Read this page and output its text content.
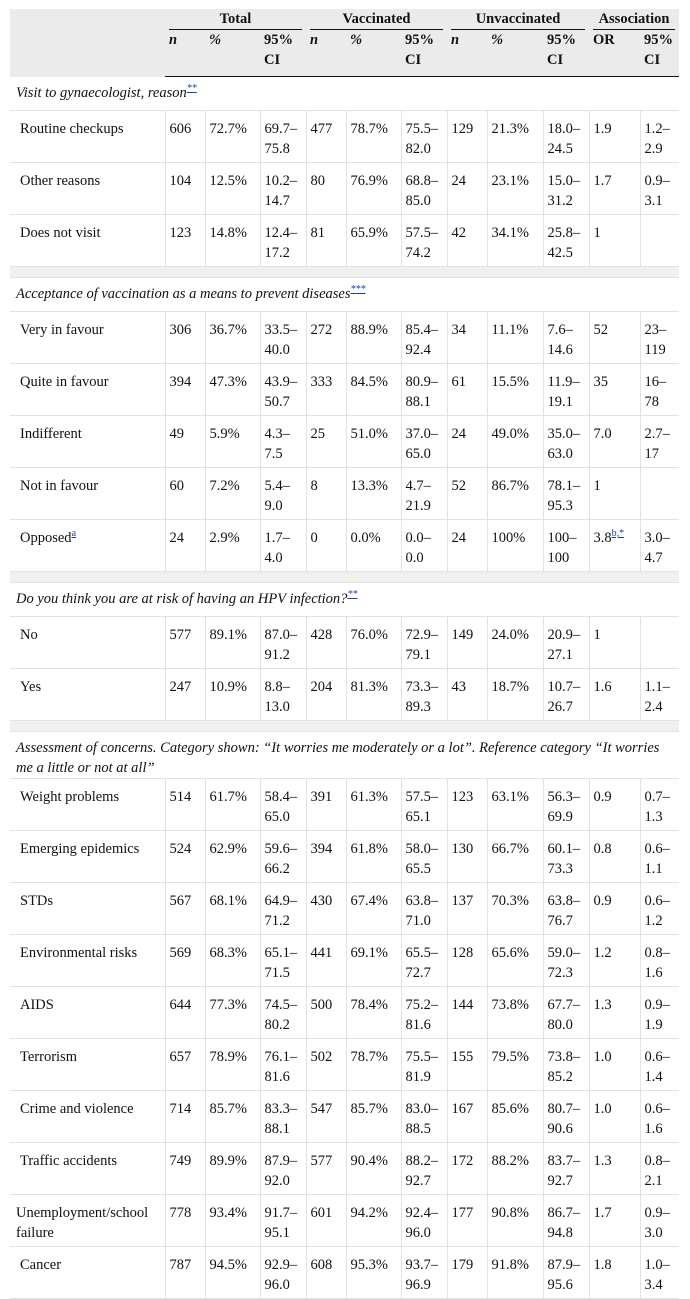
	Total			Vaccinated			Unvaccinated			Association	

	n	%	95% CI	n	%	95% CI	n	%	95% CI	OR	95% CI
Visit to gynaecologist, reason**
Routine checkups	606	72.7%	69.7–75.8	477	78.7%	75.5–82.0	129	21.3%	18.0–24.5	1.9	1.2–2.9
Other reasons	104	12.5%	10.2–14.7	80	76.9%	68.8–85.0	24	23.1%	15.0–31.2	1.7	0.9–3.1
Does not visit	123	14.8%	12.4–17.2	81	65.9%	57.5–74.2	42	34.1%	25.8–42.5	1	

Acceptance of vaccination as a means to prevent diseases***
Very in favour	306	36.7%	33.5–40.0	272	88.9%	85.4–92.4	34	11.1%	7.6–14.6	52	23–119
Quite in favour	394	47.3%	43.9–50.7	333	84.5%	80.9–88.1	61	15.5%	11.9–19.1	35	16–78
Indifferent	49	5.9%	4.3–7.5	25	51.0%	37.0–65.0	24	49.0%	35.0–63.0	7.0	2.7–17
Not in favour	60	7.2%	5.4–9.0	8	13.3%	4.7–21.9	52	86.7%	78.1–95.3	1	
Opposed$^a$	24	2.9%	1.7–4.0	0	0.0%	0.0–0.0	24	100%	100–100	3.8$^{b,*}$	3.0–4.7

Do you think you are at risk of having an HPV infection?**
No	577	89.1%	87.0–91.2	428	76.0%	72.9–79.1	149	24.0%	20.9–27.1	1	
Yes	247	10.9%	8.8–13.0	204	81.3%	73.3–89.3	43	18.7%	10.7–26.7	1.6	1.1–2.4

Assessment of concerns. Category shown: “It worries me moderately or a lot”. Reference category “It worries me a little or not at all”											
Weight problems	514	61.7%	58.4–65.0	391	61.3%	57.5–65.1	123	63.1%	56.3–69.9	0.9	0.7–1.3
Emerging epidemics	524	62.9%	59.6–66.2	394	61.8%	58.0–65.5	130	66.7%	60.1–73.3	0.8	0.6–1.1
STDs	567	68.1%	64.9–71.2	430	67.4%	63.8–71.0	137	70.3%	63.8–76.7	0.9	0.6–1.2
Environmental risks	569	68.3%	65.1–71.5	441	69.1%	65.5–72.7	128	65.6%	59.0–72.3	1.2	0.8–1.6
AIDS	644	77.3%	74.5–80.2	500	78.4%	75.2–81.6	144	73.8%	67.7–80.0	1.3	0.9–1.9
Terrorism	657	78.9%	76.1–81.6	502	78.7%	75.5–81.9	155	79.5%	73.8–85.2	1.0	0.6–1.4
Crime and violence	714	85.7%	83.3–88.1	547	85.7%	83.0–88.5	167	85.6%	80.7–90.6	1.0	0.6–1.6
Traffic accidents	749	89.9%	87.9–92.0	577	90.4%	88.2–92.7	172	88.2%	83.7–92.7	1.3	0.8–2.1
Unemployment/school failure	778	93.4%	91.7–95.1	601	94.2%	92.4–96.0	177	90.8%	86.7–94.8	1.7	0.9–3.0
Cancer	787	94.5%	92.9–96.0	608	95.3%	93.7–96.9	179	91.8%	87.9–95.6	1.8	1.0–3.4
